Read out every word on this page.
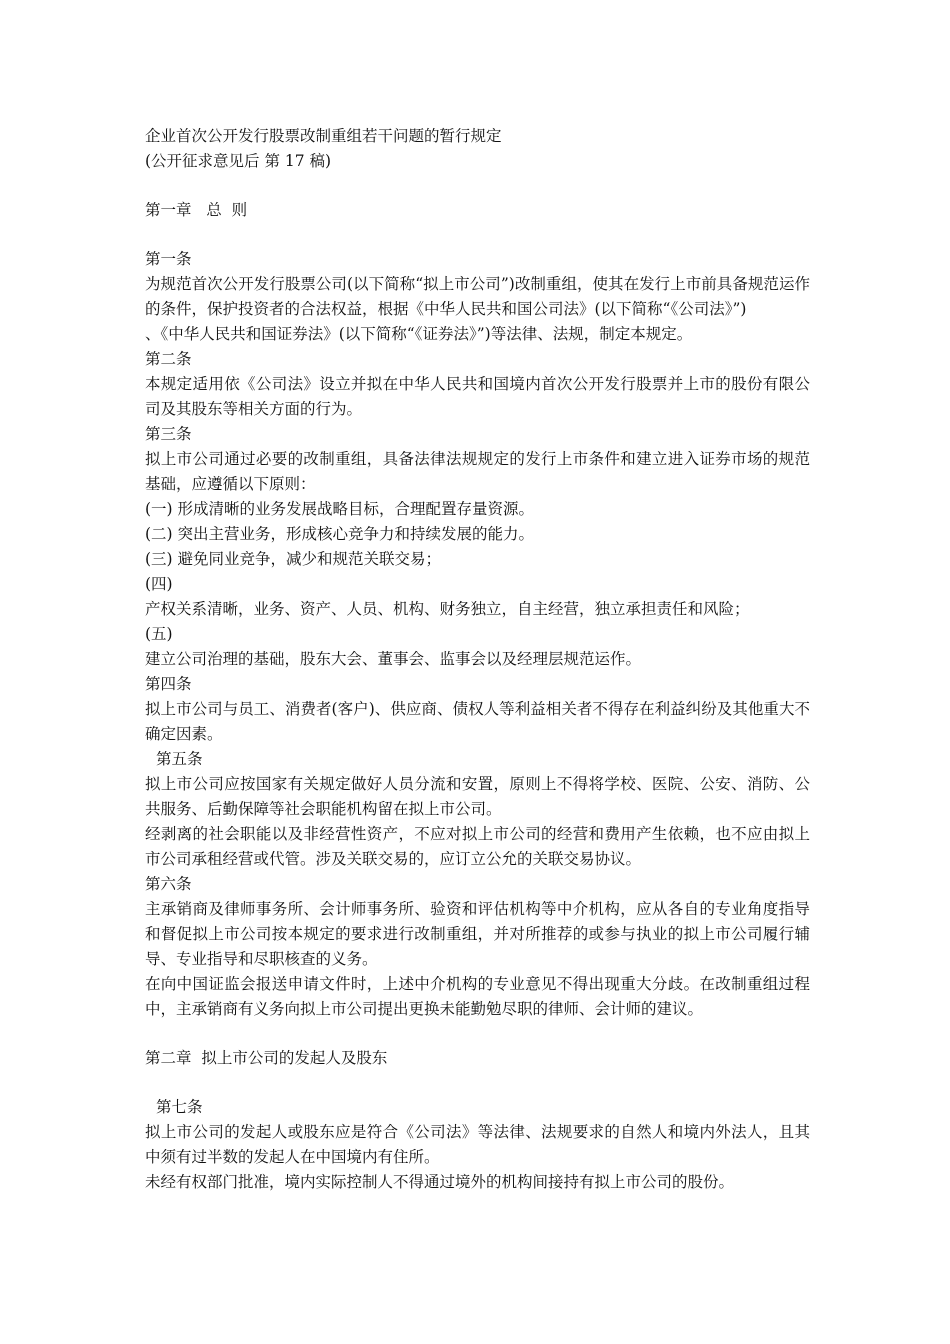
企业首次公开发行股票改制重组若干问题的暂行规定
(公开征求意见后 第 17 稿)
第一章   总  则
第一条
为规范首次公开发行股票公司(以下简称“拟上市公司”)改制重组，使其在发行上市前具备规范运作的条件，保护投资者的合法权益，根据《中华人民共和国公司法》(以下简称“《公司法》”)
、《中华人民共和国证券法》(以下简称“《证券法》”)等法律、法规，制定本规定。
第二条
本规定适用依《公司法》设立并拟在中华人民共和国境内首次公开发行股票并上市的股份有限公司及其股东等相关方面的行为。
第三条
拟上市公司通过必要的改制重组，具备法律法规规定的发行上市条件和建立进入证券市场的规范基础，应遵循以下原则：
(一) 形成清晰的业务发展战略目标，合理配置存量资源。
(二) 突出主营业务，形成核心竞争力和持续发展的能力。
(三) 避免同业竞争，减少和规范关联交易；
(四)
产权关系清晰，业务、资产、人员、机构、财务独立，自主经营，独立承担责任和风险；
(五)
建立公司治理的基础，股东大会、董事会、监事会以及经理层规范运作。
第四条
拟上市公司与员工、消费者(客户)、供应商、债权人等利益相关者不得存在利益纠纷及其他重大不确定因素。
第五条
拟上市公司应按国家有关规定做好人员分流和安置，原则上不得将学校、医院、公安、消防、公共服务、后勤保障等社会职能机构留在拟上市公司。
经剥离的社会职能以及非经营性资产，不应对拟上市公司的经营和费用产生依赖，也不应由拟上市公司承租经营或代管。涉及关联交易的，应订立公允的关联交易协议。
第六条
主承销商及律师事务所、会计师事务所、验资和评估机构等中介机构，应从各自的专业角度指导和督促拟上市公司按本规定的要求进行改制重组，并对所推荐的或参与执业的拟上市公司履行辅导、专业指导和尽职核查的义务。
在向中国证监会报送申请文件时，上述中介机构的专业意见不得出现重大分歧。在改制重组过程中，主承销商有义务向拟上市公司提出更换未能勤勉尽职的律师、会计师的建议。
第二章  拟上市公司的发起人及股东
第七条
拟上市公司的发起人或股东应是符合《公司法》等法律、法规要求的自然人和境内外法人，且其中须有过半数的发起人在中国境内有住所。
未经有权部门批准，境内实际控制人不得通过境外的机构间接持有拟上市公司的股份。
